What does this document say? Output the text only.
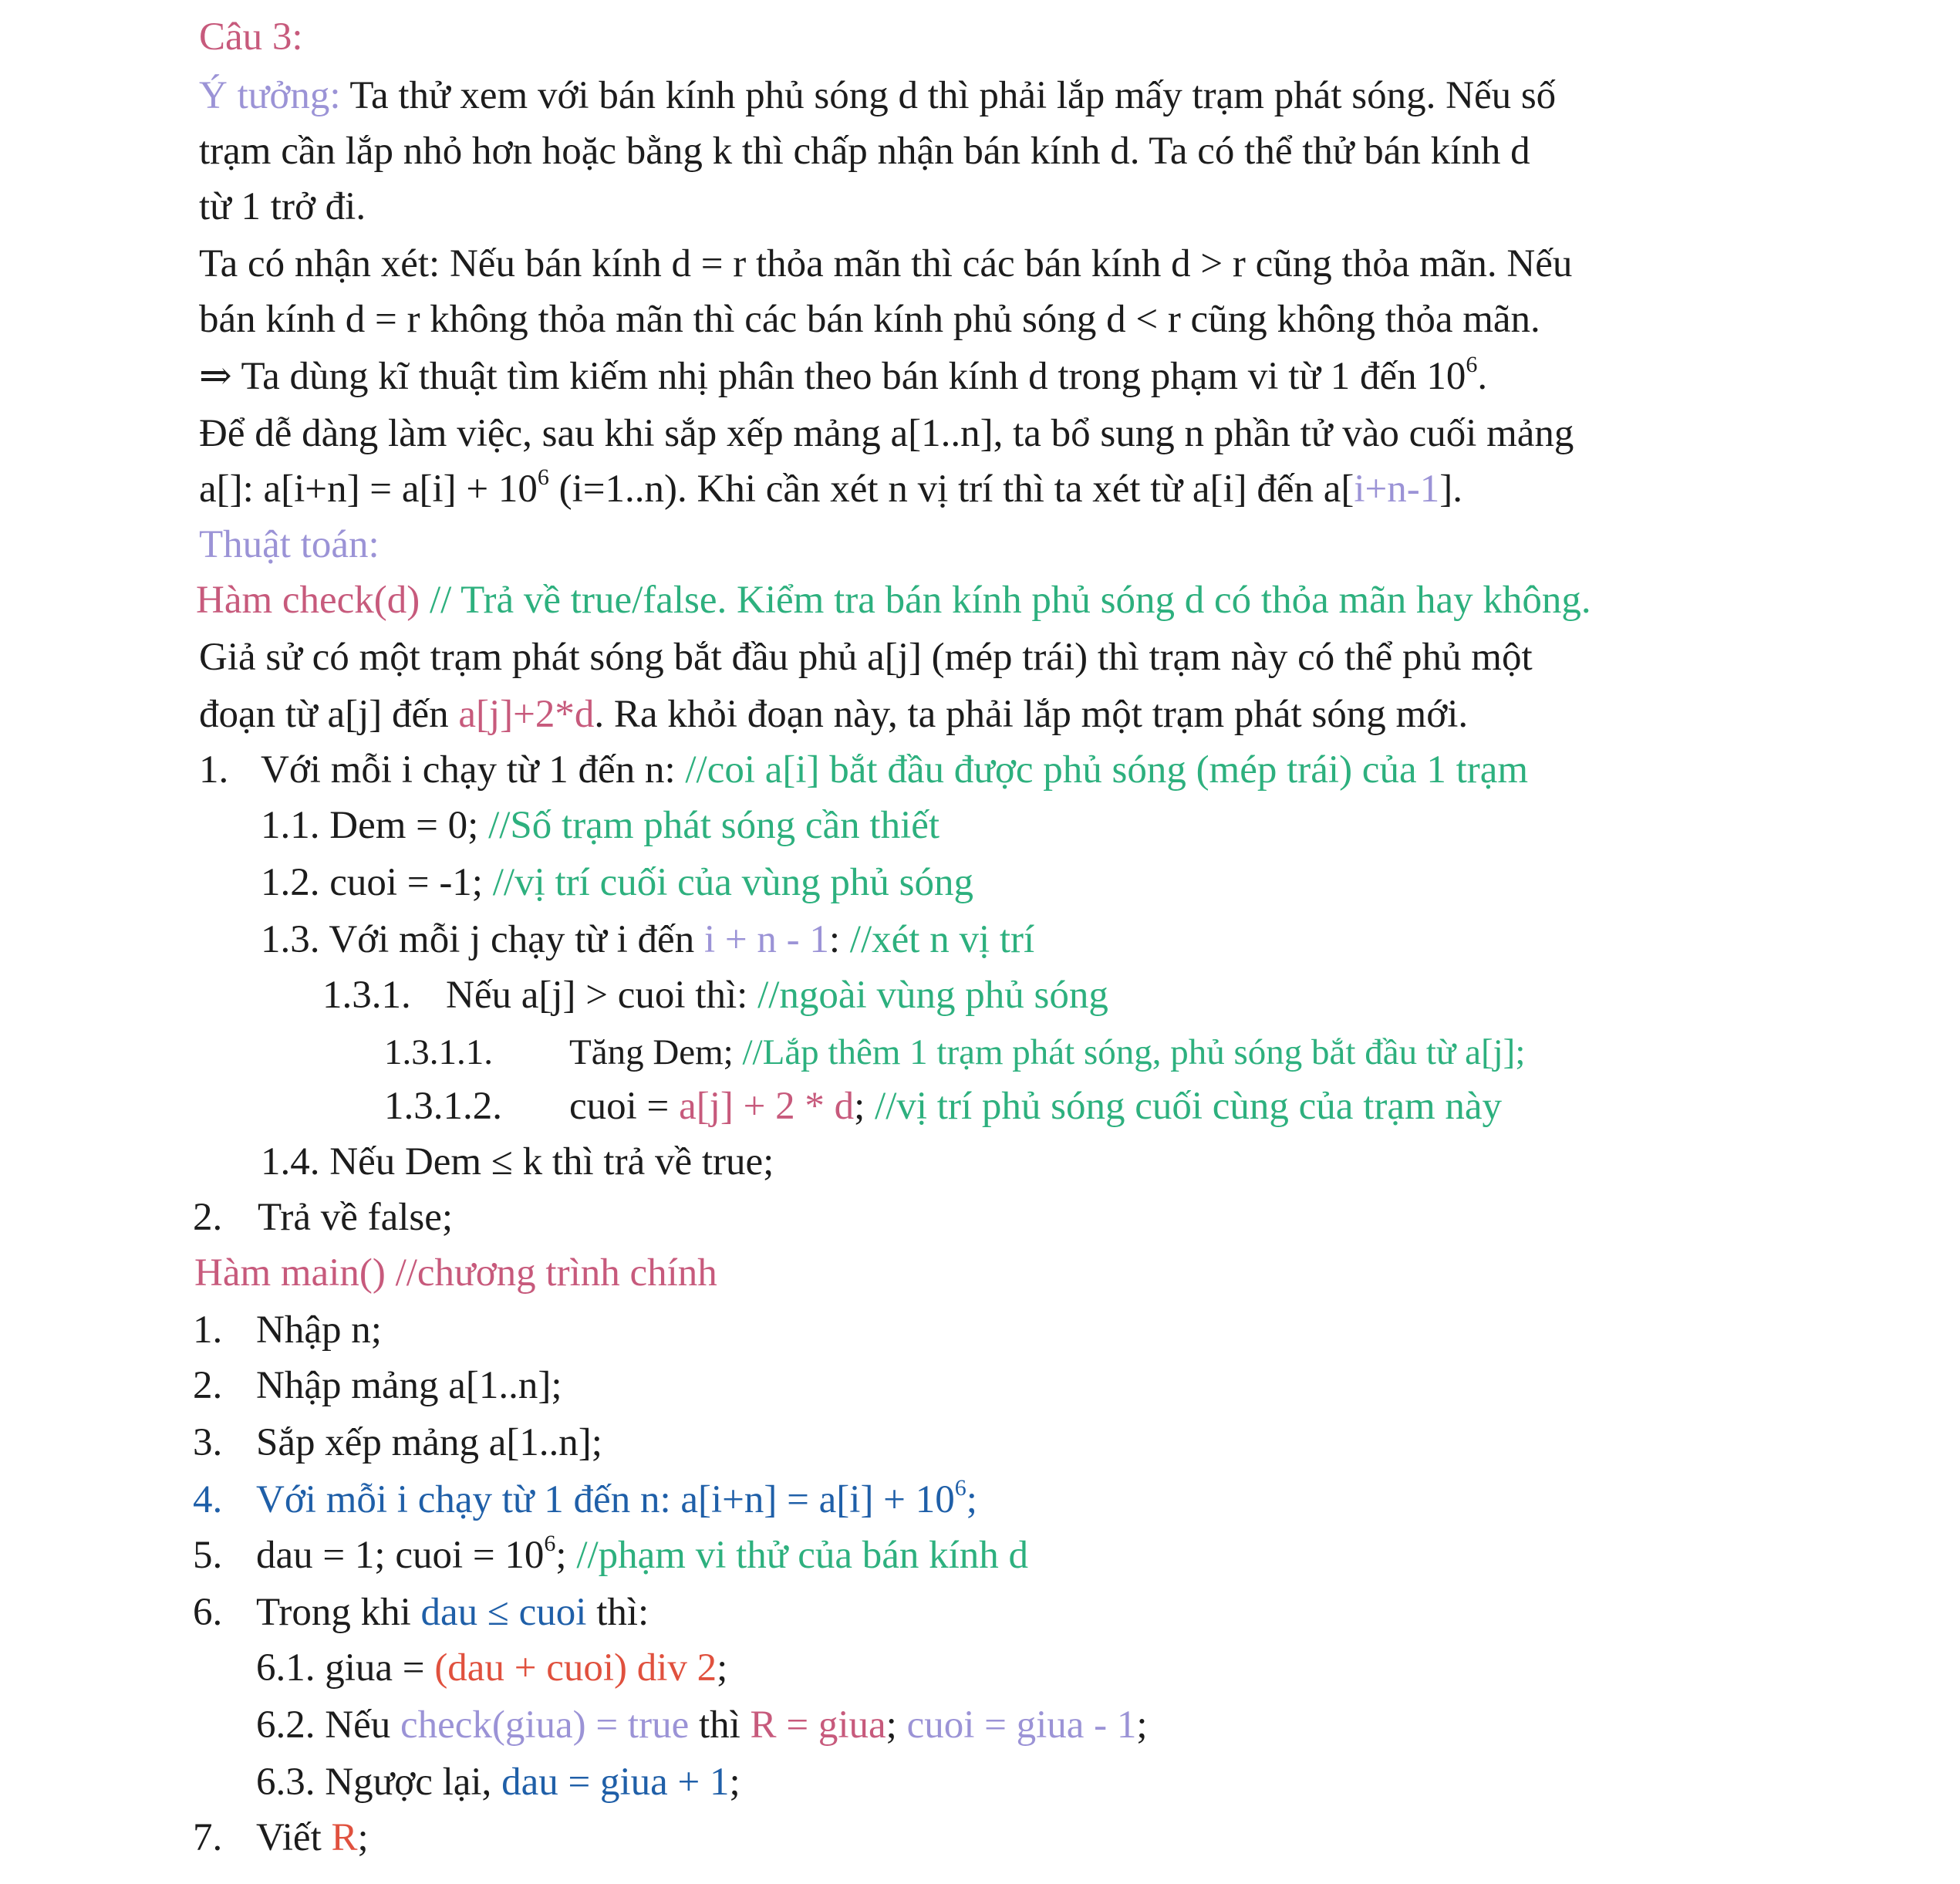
Câu 3:
Ý tưởng: Ta thử xem với bán kính phủ sóng d thì phải lắp mấy trạm phát sóng. Nếu số
trạm cần lắp nhỏ hơn hoặc bằng k thì chấp nhận bán kính d. Ta có thể thử bán kính d
từ 1 trở đi.
Ta có nhận xét: Nếu bán kính d = r thỏa mãn thì các bán kính d > r cũng thỏa mãn. Nếu
bán kính d = r không thỏa mãn thì các bán kính phủ sóng d < r cũng không thỏa mãn.
⇒ Ta dùng kĩ thuật tìm kiếm nhị phân theo bán kính d trong phạm vi từ 1 đến $10^6$.
Để dễ dàng làm việc, sau khi sắp xếp mảng a[1..n], ta bổ sung n phần tử vào cuối mảng
a[]: $a[i+n] = a[i] + 10^6$ (i=1..n). Khi cần xét n vị trí thì ta xét từ a[i] đến a[i+n-1].
Thuật toán:
Hàm check(d) // Trả về true/false. Kiểm tra bán kính phủ sóng d có thỏa mãn hay không.
Giả sử có một trạm phát sóng bắt đầu phủ a[j] (mép trái) thì trạm này có thể phủ một
đoạn từ a[j] đến a[j]+2*d. Ra khỏi đoạn này, ta phải lắp một trạm phát sóng mới.
1. Với mỗi i chạy từ 1 đến n: //coi a[i] bắt đầu được phủ sóng (mép trái) của 1 trạm
1.1. Dem = 0; //Số trạm phát sóng cần thiết
1.2. cuoi = -1; //vị trí cuối của vùng phủ sóng
1.3. Với mỗi j chạy từ i đến i + n - 1: //xét n vị trí
1.3.1. Nếu a[j] > cuoi thì: //ngoài vùng phủ sóng
1.3.1.1. Tăng Dem; //Lắp thêm 1 trạm phát sóng, phủ sóng bắt đầu từ a[j];
1.3.1.2. cuoi = a[j] + 2 * d; //vị trí phủ sóng cuối cùng của trạm này
1.4. Nếu Dem ≤ k thì trả về true;
2. Trả về false;
Hàm main() //chương trình chính
1. Nhập n;
2. Nhập mảng a[1..n];
3. Sắp xếp mảng a[1..n];
4. Với mỗi i chạy từ 1 đến n: $a[i+n] = a[i] + 10^6$;
5. dau = 1; cuoi = $10^6$; //phạm vi thử của bán kính d
6. Trong khi dau ≤ cuoi thì:
6.1. giua = (dau + cuoi) div 2;
6.2. Nếu check(giua) = true thì R = giua; cuoi = giua - 1;
6.3. Ngược lại, dau = giua + 1;
7. Viết R;
